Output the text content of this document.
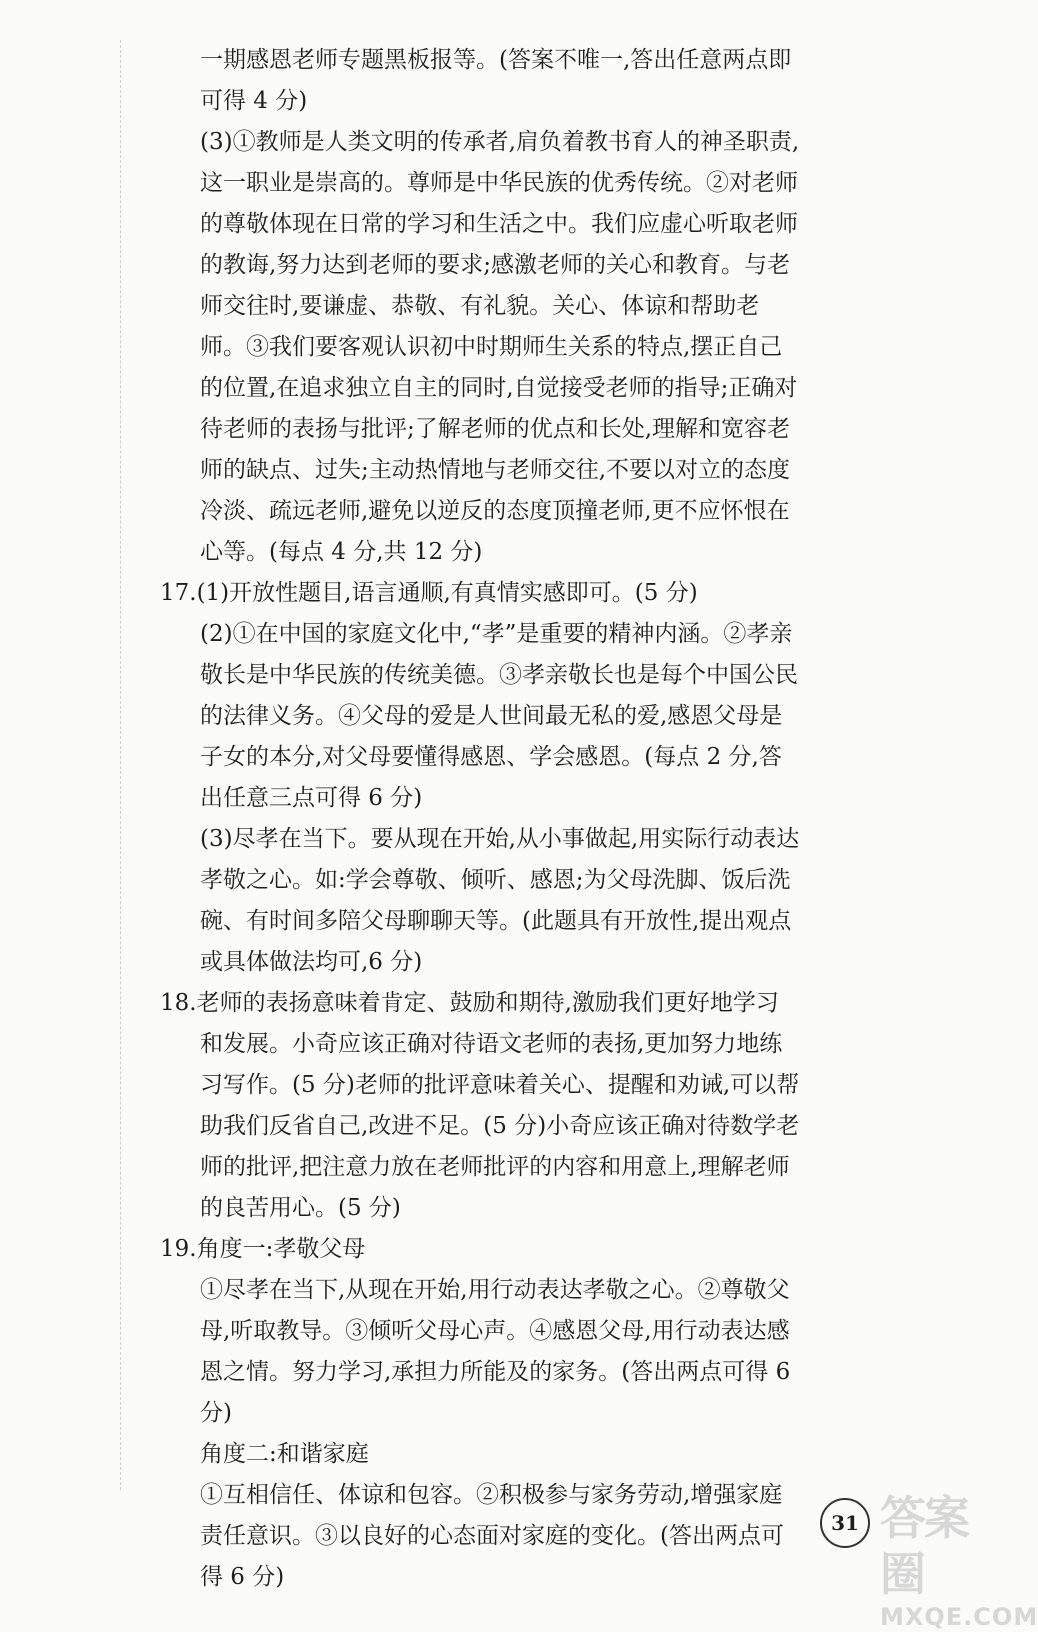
一期感恩老师专题黑板报等。(答案不唯一,答出任意两点即可得 4 分)

(3)①教师是人类文明的传承者,肩负着教书育人的神圣职责,这一职业是崇高的。尊师是中华民族的优秀传统。②对老师的尊敬体现在日常的学习和生活之中。我们应虚心听取老师的教诲,努力达到老师的要求;感激老师的关心和教育。与老师交往时,要谦虚、恭敬、有礼貌。关心、体谅和帮助老师。③我们要客观认识初中时期师生关系的特点,摆正自己的位置,在追求独立自主的同时,自觉接受老师的指导;正确对待老师的表扬与批评;了解老师的优点和长处,理解和宽容老师的缺点、过失;主动热情地与老师交往,不要以对立的态度冷淡、疏远老师,避免以逆反的态度顶撞老师,更不应怀恨在心等。(每点 4 分,共 12 分)

17.(1)开放性题目,语言通顺,有真情实感即可。(5 分)

(2)①在中国的家庭文化中,“孝”是重要的精神内涵。②孝亲敬长是中华民族的传统美德。③孝亲敬长也是每个中国公民的法律义务。④父母的爱是人世间最无私的爱,感恩父母是子女的本分,对父母要懂得感恩、学会感恩。(每点 2 分,答出任意三点可得 6 分)

(3)尽孝在当下。要从现在开始,从小事做起,用实际行动表达孝敬之心。如:学会尊敬、倾听、感恩;为父母洗脚、饭后洗碗、有时间多陪父母聊聊天等。(此题具有开放性,提出观点或具体做法均可,6 分)

18.老师的表扬意味着肯定、鼓励和期待,激励我们更好地学习和发展。小奇应该正确对待语文老师的表扬,更加努力地练习写作。(5 分)老师的批评意味着关心、提醒和劝诫,可以帮助我们反省自己,改进不足。(5 分)小奇应该正确对待数学老师的批评,把注意力放在老师批评的内容和用意上,理解老师的良苦用心。(5 分)

19.角度一:孝敬父母

①尽孝在当下,从现在开始,用行动表达孝敬之心。②尊敬父母,听取教导。③倾听父母心声。④感恩父母,用行动表达感恩之情。努力学习,承担力所能及的家务。(答出两点可得 6 分)

角度二:和谐家庭

①互相信任、体谅和包容。②积极参与家务劳动,增强家庭责任意识。③以良好的心态面对家庭的变化。(答出两点可得 6 分)

31 答案圈
MXQE.COM
